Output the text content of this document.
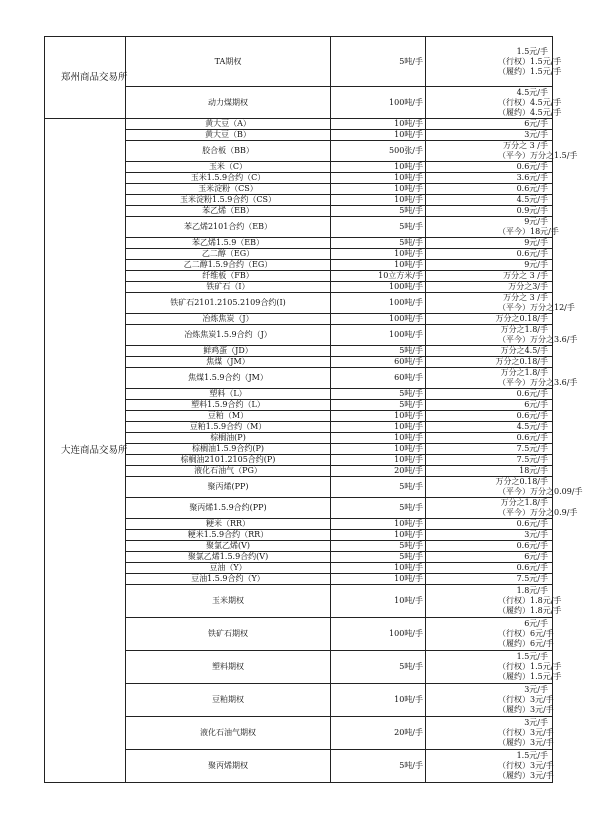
郑州商品交易所	TA期权	5吨/手	1.5元/手
（行权） 1.5元/手
（履约） 1.5元/手

	动力煤期权	100吨/手	4.5元/手
（行权） 4.5元/手
（履约） 4.5元/手

大连商品交易所	黄大豆（A）	10吨/手	6元/手

	黄大豆（B）	10吨/手	3元/手

	胶合板（BB）	500张/手	万分之 3 /手
（平今） 万分之1.5/手

	玉米（C）	10吨/手	0.6元/手

	玉米1.5.9合约（C）	10吨/手	3.6元/手

	玉米淀粉（CS）	10吨/手	0.6元/手

	玉米淀粉1.5.9合约（CS）	10吨/手	4.5元/手

	苯乙烯（EB）	5吨/手	0.9元/手

	苯乙烯2101合约（EB）	5吨/手	9元/手
（平今） 18元/手

	苯乙烯1.5.9（EB）	5吨/手	9元/手

	乙二醇（EG）	10吨/手	0.6元/手

	乙二醇1.5.9合约（EG）	10吨/手	9元/手

	纤维板（FB）	10立方米/手	万分之 3 /手

	铁矿石（I）	100吨/手	万分之3/手

	铁矿石2101.2105.2109合约(I)	100吨/手	万分之 3 /手
（平今） 万分之12/手

	冶炼焦炭（J）	100吨/手	万分之0.18/手

	冶炼焦炭1.5.9合约（J）	100吨/手	万分之1.8/手
（平今） 万分之3.6/手

	鲜鸡蛋（JD）	5吨/手	万分之4.5/手

	焦煤（JM）	60吨/手	万分之0.18/手

	焦煤1.5.9合约（JM）	60吨/手	万分之1.8/手
（平今） 万分之3.6/手

	塑料（L）	5吨/手	0.6元/手

	塑料1.5.9合约（L）	5吨/手	6元/手

	豆粕（M）	10吨/手	0.6元/手

	豆粕1.5.9合约（M）	10吨/手	4.5元/手

	棕榈油(P)	10吨/手	0.6元/手

	棕榈油1.5.9合约(P)	10吨/手	7.5元/手

	棕榈油2101.2105合约(P)	10吨/手	7.5元/手

	液化石油气（PG）	20吨/手	18元/手

	聚丙烯(PP)	5吨/手	万分之0.18/手
（平今） 万分之0.09/手

	聚丙烯1.5.9合约(PP)	5吨/手	万分之1.8/手
（平今） 万分之0.9/手

	粳米（RR）	10吨/手	0.6元/手

	粳米1.5.9合约（RR）	10吨/手	3元/手

	聚氯乙烯(V)	5吨/手	0.6元/手

	聚氯乙烯1.5.9合约(V)	5吨/手	6元/手

	豆油（Y）	10吨/手	0.6元/手

	豆油1.5.9合约（Y）	10吨/手	7.5元/手

	玉米期权	10吨/手	1.8元/手
（行权） 1.8元/手
（履约） 1.8元/手

	铁矿石期权	100吨/手	6元/手
（行权） 6元/手
（履约） 6元/手

	塑料期权	5吨/手	1.5元/手
（行权） 1.5元/手
（履约） 1.5元/手

	豆粕期权	10吨/手	3元/手
（行权） 3元/手
（履约） 3元/手

	液化石油气期权	20吨/手	3元/手
（行权） 3元/手
（履约） 3元/手

	聚丙烯期权	5吨/手	1.5元/手
（行权） 3元/手
（履约） 3元/手
